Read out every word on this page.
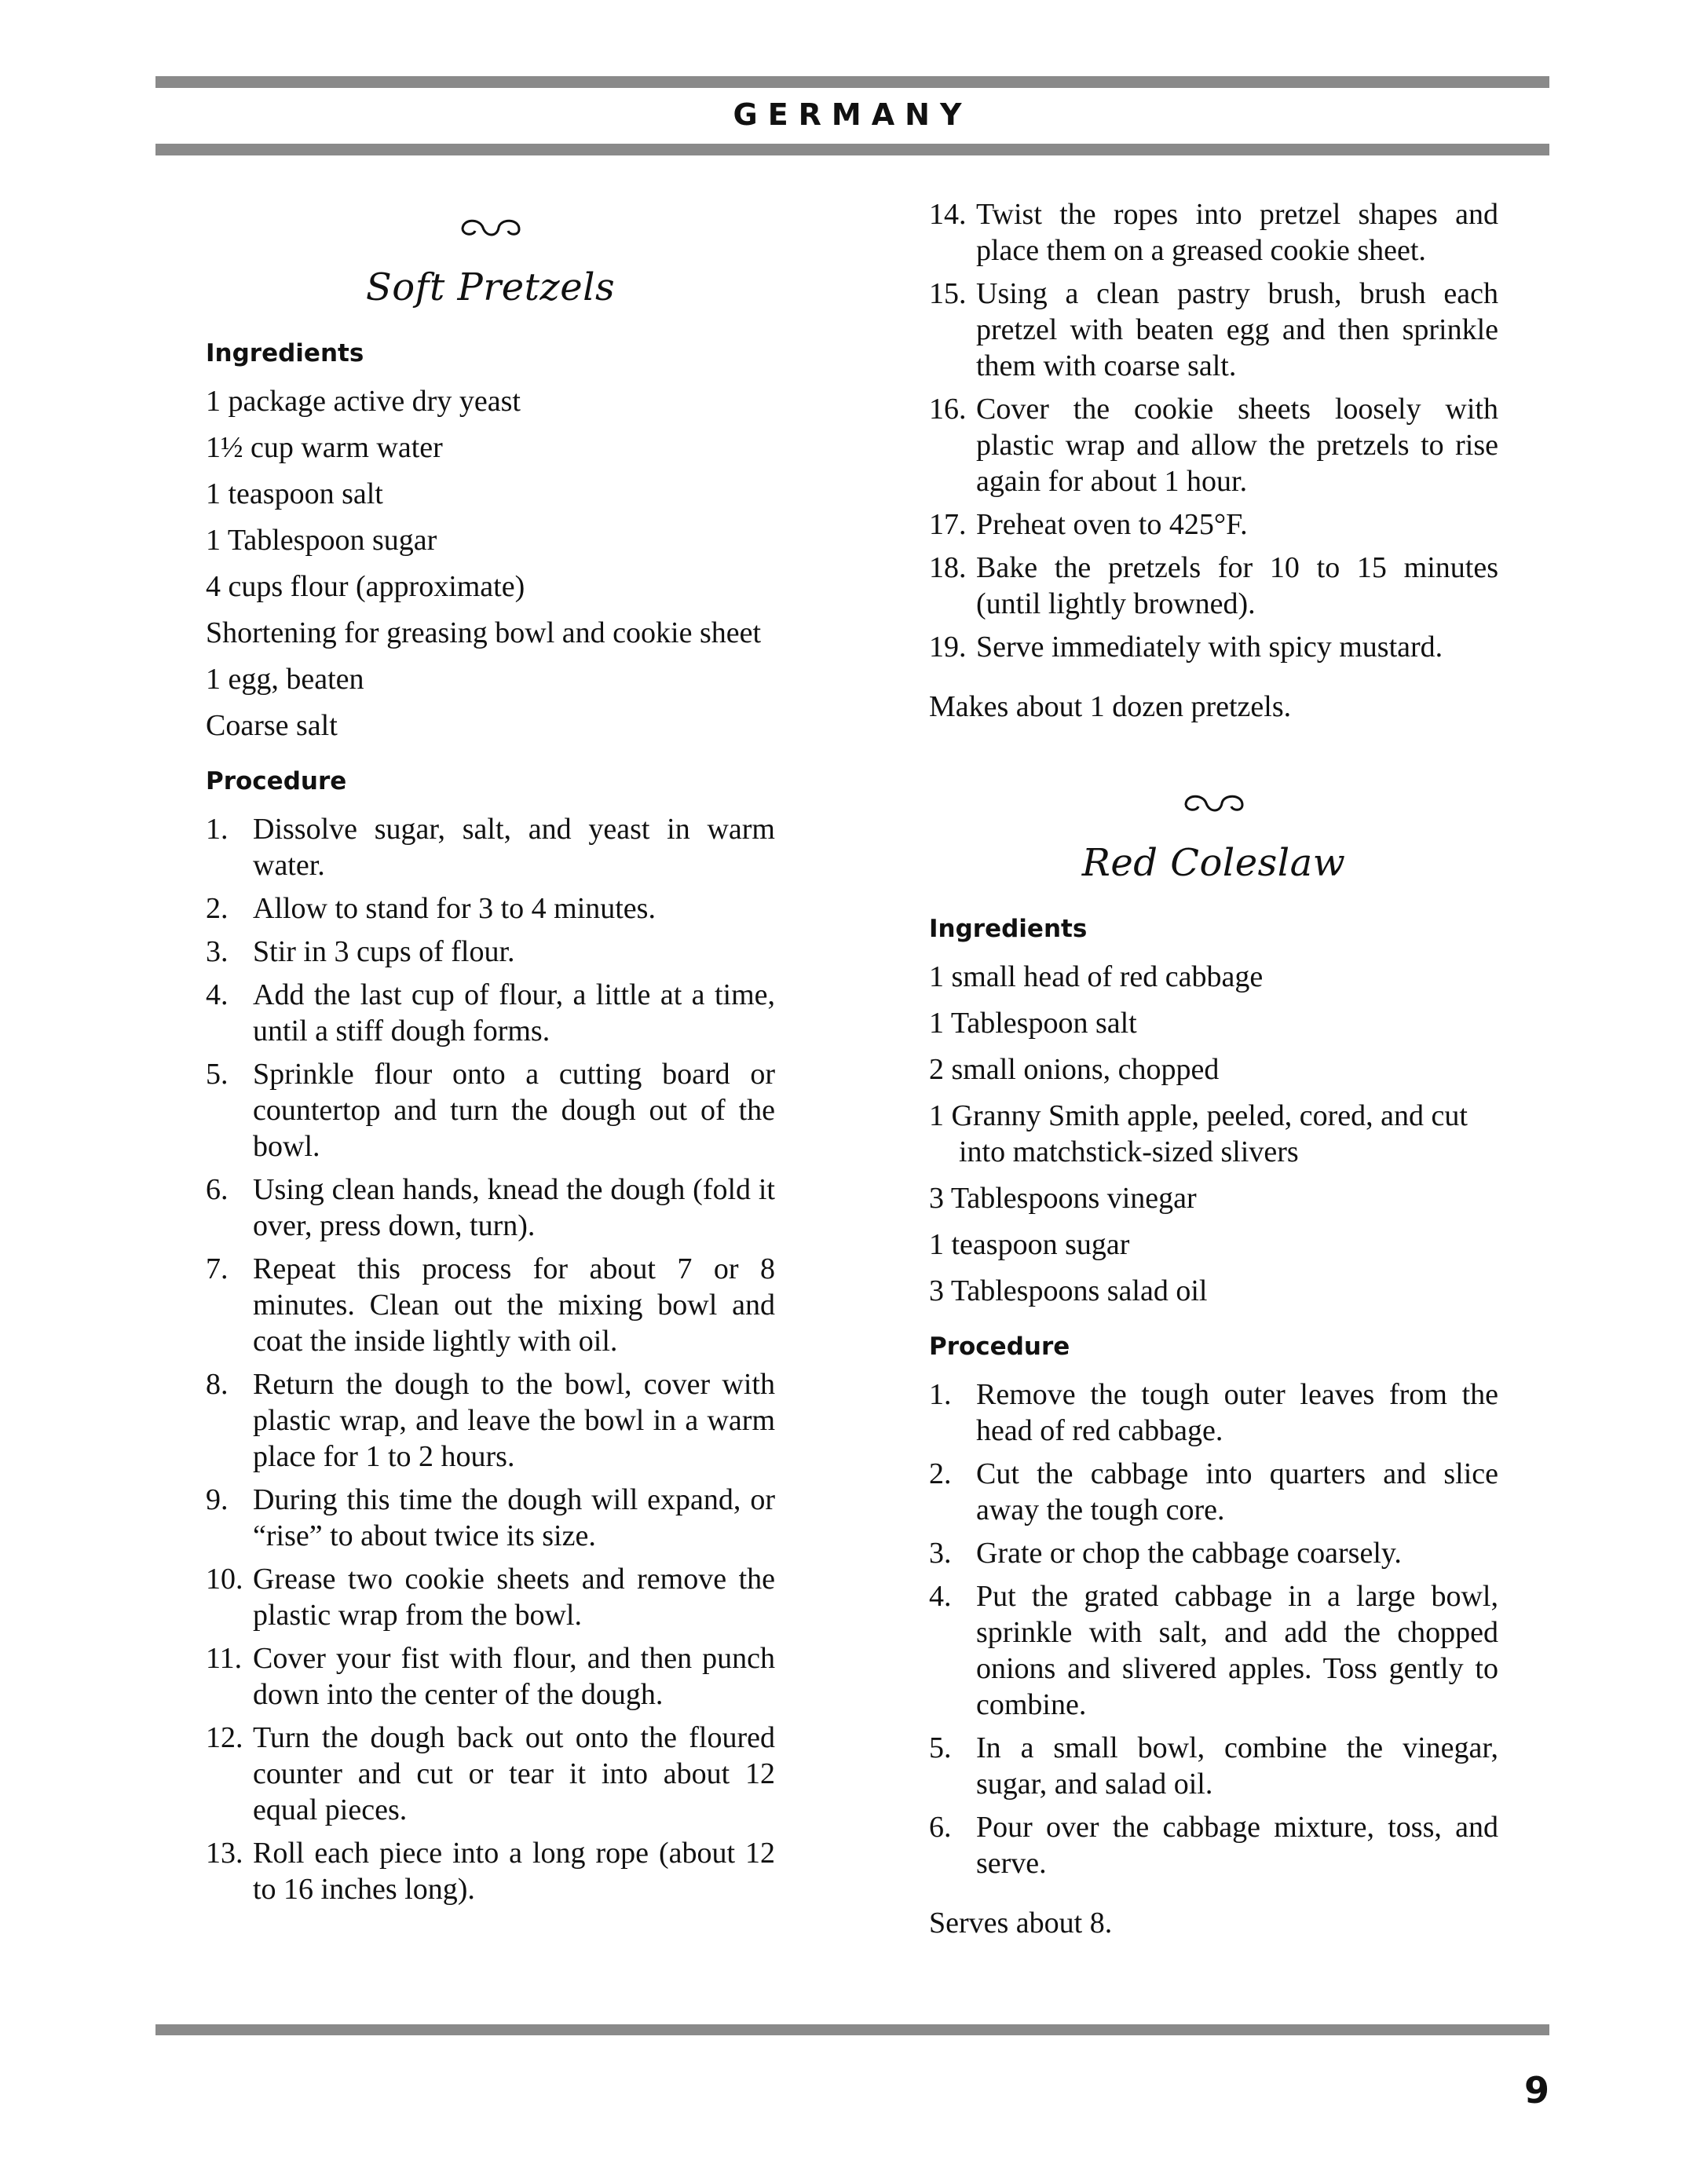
GERMANY
Soft Pretzels
Ingredients
1 package active dry yeast
1½ cup warm water
1 teaspoon salt
1 Tablespoon sugar
4 cups flour (approximate)
Shortening for greasing bowl and cookie sheet
1 egg, beaten
Coarse salt
Procedure
1. Dissolve sugar, salt, and yeast in warm water.
2. Allow to stand for 3 to 4 minutes.
3. Stir in 3 cups of flour.
4. Add the last cup of flour, a little at a time, until a stiff dough forms.
5. Sprinkle flour onto a cutting board or countertop and turn the dough out of the bowl.
6. Using clean hands, knead the dough (fold it over, press down, turn).
7. Repeat this process for about 7 or 8 minutes. Clean out the mixing bowl and coat the inside lightly with oil.
8. Return the dough to the bowl, cover with plastic wrap, and leave the bowl in a warm place for 1 to 2 hours.
9. During this time the dough will expand, or “rise” to about twice its size.
10. Grease two cookie sheets and remove the plastic wrap from the bowl.
11. Cover your fist with flour, and then punch down into the center of the dough.
12. Turn the dough back out onto the floured counter and cut or tear it into about 12 equal pieces.
13. Roll each piece into a long rope (about 12 to 16 inches long).
14. Twist the ropes into pretzel shapes and place them on a greased cookie sheet.
15. Using a clean pastry brush, brush each pretzel with beaten egg and then sprinkle them with coarse salt.
16. Cover the cookie sheets loosely with plastic wrap and allow the pretzels to rise again for about 1 hour.
17. Preheat oven to 425°F.
18. Bake the pretzels for 10 to 15 minutes (until lightly browned).
19. Serve immediately with spicy mustard.

Makes about 1 dozen pretzels.

Red Coleslaw
Ingredients
1 small head of red cabbage
1 Tablespoon salt
2 small onions, chopped
1 Granny Smith apple, peeled, cored, and cut into matchstick-sized slivers
3 Tablespoons vinegar
1 teaspoon sugar
3 Tablespoons salad oil
Procedure
1. Remove the tough outer leaves from the head of red cabbage.
2. Cut the cabbage into quarters and slice away the tough core.
3. Grate or chop the cabbage coarsely.
4. Put the grated cabbage in a large bowl, sprinkle with salt, and add the chopped onions and slivered apples. Toss gently to combine.
5. In a small bowl, combine the vinegar, sugar, and salad oil.
6. Pour over the cabbage mixture, toss, and serve.

Serves about 8.

9
